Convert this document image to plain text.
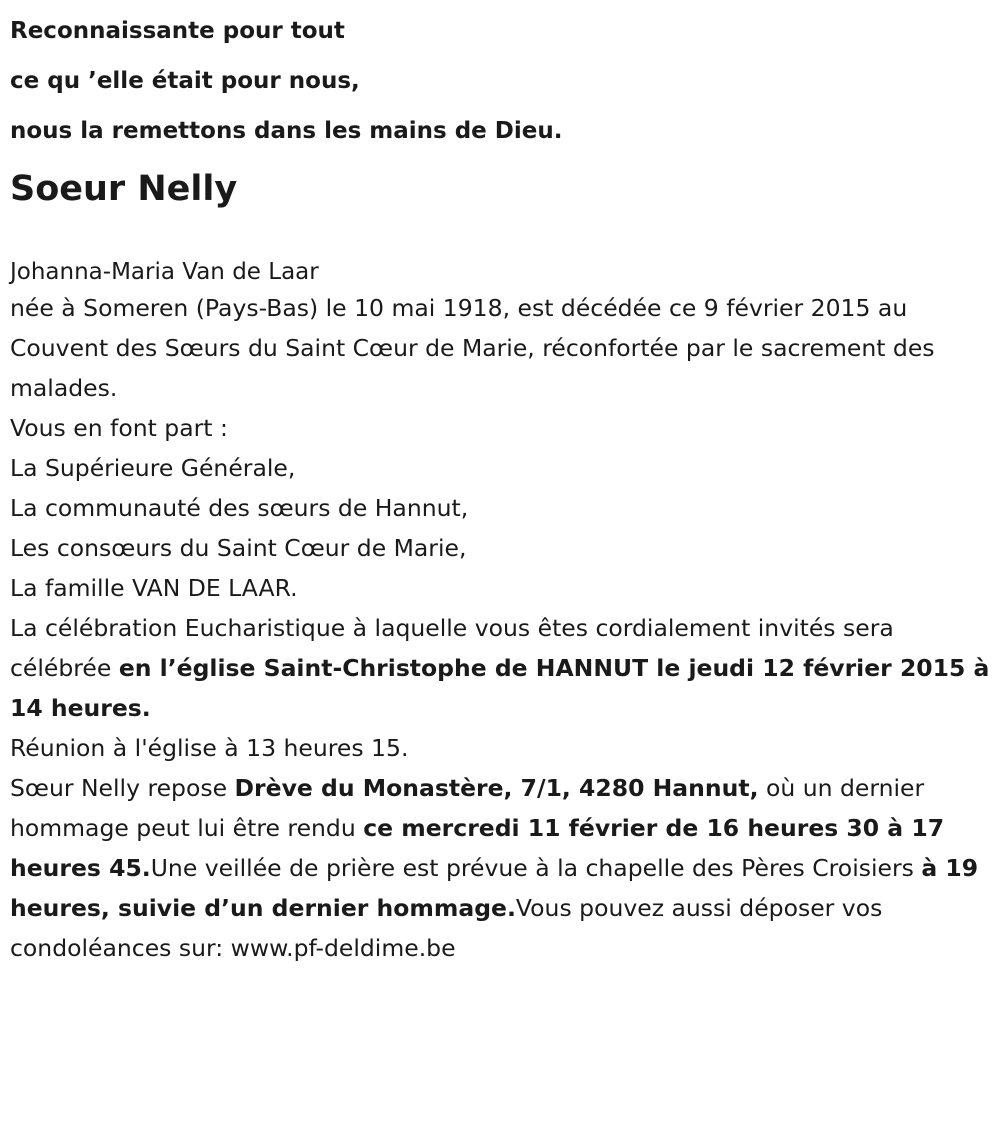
Reconnaissante pour tout
ce qu ’elle était pour nous,
nous la remettons dans les mains de Dieu.
Soeur Nelly
Johanna-Maria Van de Laar

née à Someren (Pays-Bas) le 10 mai 1918, est décédée ce 9 février 2015 au Couvent des Sœurs du Saint Cœur de Marie, réconfortée par le sacrement des malades.

Vous en font part :

La Supérieure Générale,
La communauté des sœurs de Hannut,
Les consœurs du Saint Cœur de Marie,
La famille VAN DE LAAR.

La célébration Eucharistique à laquelle vous êtes cordialement invités sera célébrée en l’église Saint-Christophe de HANNUT le jeudi 12 février 2015 à 14 heures.

Réunion à l'église à 13 heures 15.

Sœur Nelly repose Drève du Monastère, 7/1, 4280 Hannut, où un dernier hommage peut lui être rendu ce mercredi 11 février de 16 heures 30 à 17 heures 45.Une veillée de prière est prévue à la chapelle des Pères Croisiers à 19 heures, suivie d’un dernier hommage.Vous pouvez aussi déposer vos condoléances sur: www.pf-deldime.be
